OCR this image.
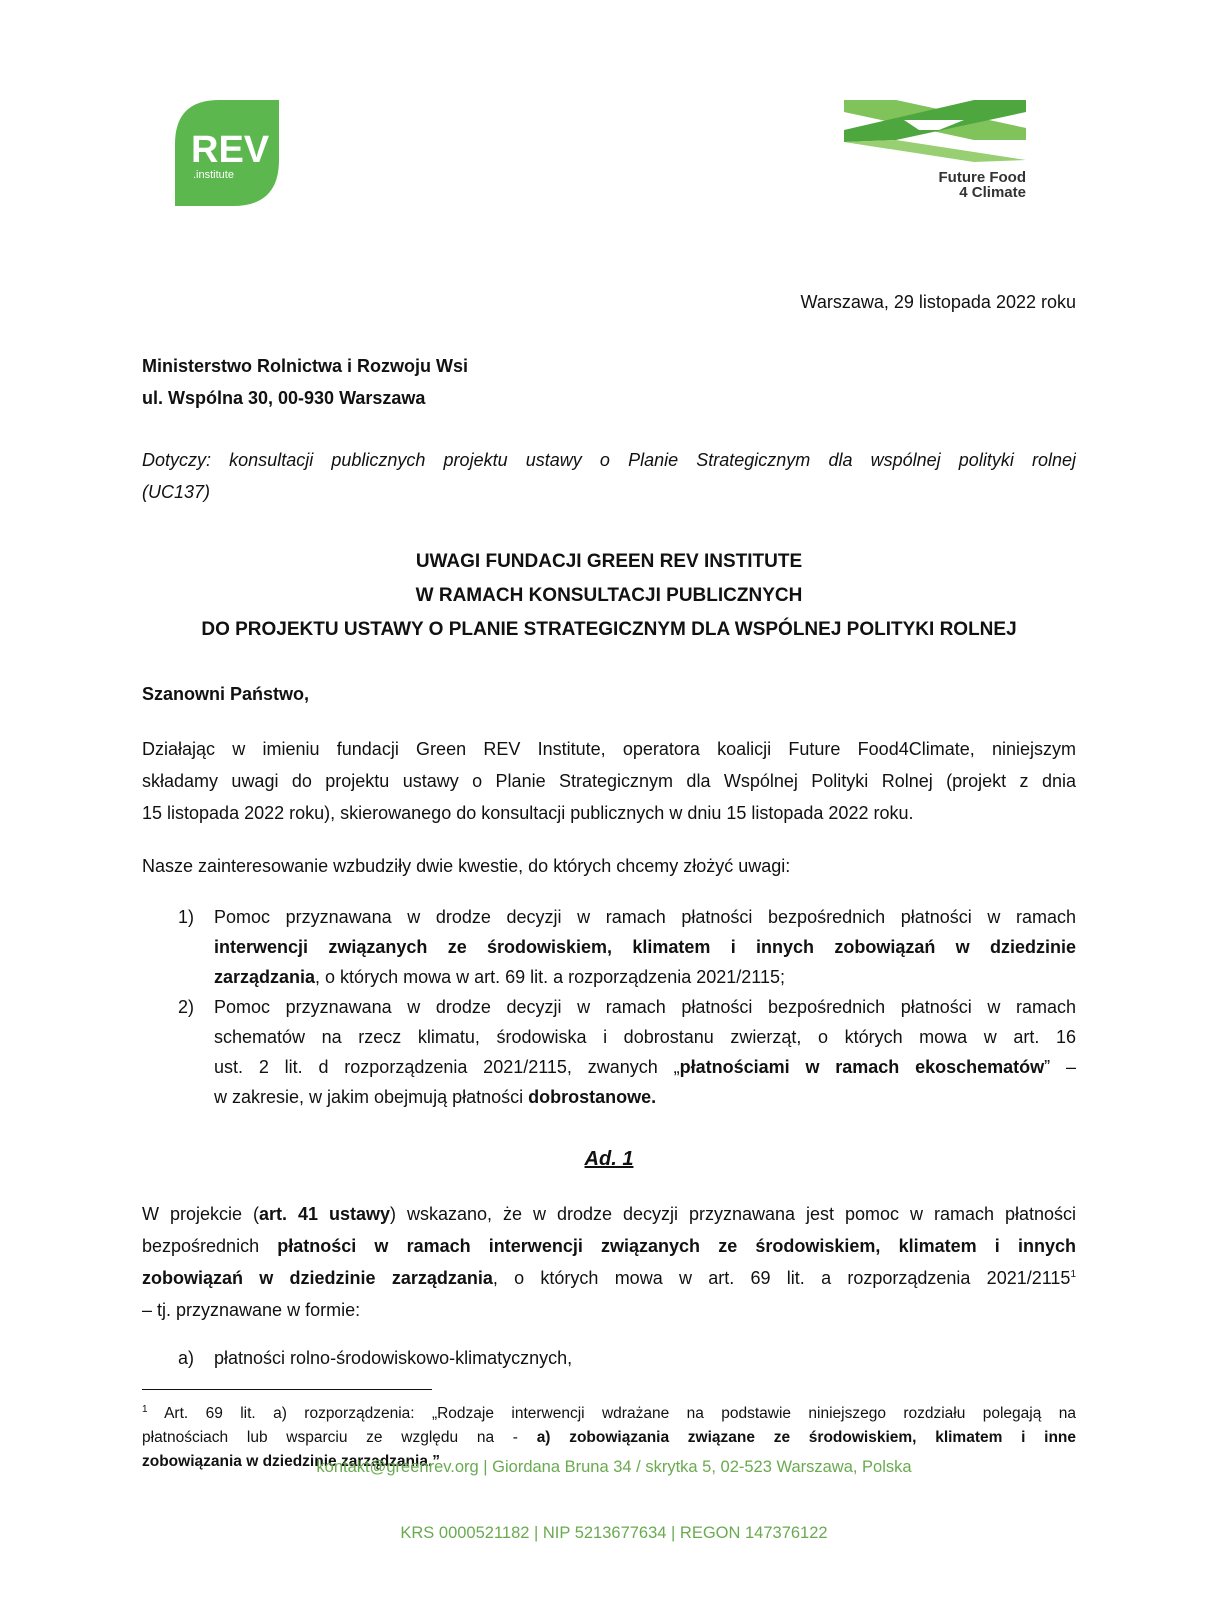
REV
.institute	Future Food
4 Climate
Warszawa, 29 listopada 2022 roku
Ministerstwo Rolnictwa i Rozwoju Wsi
ul. Wspólna 30, 00-930 Warszawa
Dotyczy: konsultacji publicznych projektu ustawy o Planie Strategicznym dla wspólnej polityki rolnej
(UC137)
UWAGI FUNDACJI GREEN REV INSTITUTE
W RAMACH KONSULTACJI PUBLICZNYCH
DO PROJEKTU USTAWY O PLANIE STRATEGICZNYM DLA WSPÓLNEJ POLITYKI ROLNEJ
Szanowni Państwo,
Działając w imieniu fundacji Green REV Institute, operatora koalicji Future Food4Climate, niniejszym
składamy uwagi do projektu ustawy o Planie Strategicznym dla Wspólnej Polityki Rolnej (projekt z dnia
15 listopada 2022 roku), skierowanego do konsultacji publicznych w dniu 15 listopada 2022 roku.
Nasze zainteresowanie wzbudziły dwie kwestie, do których chcemy złożyć uwagi:
1) Pomoc przyznawana w drodze decyzji w ramach płatności bezpośrednich płatności w ramach
interwencji związanych ze środowiskiem, klimatem i innych zobowiązań w dziedzinie
zarządzania, o których mowa w art. 69 lit. a rozporządzenia 2021/2115;
2) Pomoc przyznawana w drodze decyzji w ramach płatności bezpośrednich płatności w ramach
schematów na rzecz klimatu, środowiska i dobrostanu zwierząt, o których mowa w art. 16
ust. 2 lit. d rozporządzenia 2021/2115, zwanych „płatnościami w ramach ekoschematów” –
w zakresie, w jakim obejmują płatności dobrostanowe.
Ad. 1
W projekcie (art. 41 ustawy) wskazano, że w drodze decyzji przyznawana jest pomoc w ramach płatności
bezpośrednich płatności w ramach interwencji związanych ze środowiskiem, klimatem i innych
zobowiązań w dziedzinie zarządzania, o których mowa w art. 69 lit. a rozporządzenia 2021/2115$^1$
– tj. przyznawane w formie:
a) płatności rolno-środowiskowo-klimatycznych,
$^1$ Art. 69 lit. a) rozporządzenia: „Rodzaje interwencji wdrażane na podstawie niniejszego rozdziału polegają na
płatnościach lub wsparciu ze względu na - a) zobowiązania związane ze środowiskiem, klimatem i inne
zobowiązania w dziedzinie zarządzania.”
kontakt@greenrev.org | Giordana Bruna 34 / skrytka 5, 02-523 Warszawa, Polska
KRS 0000521182 | NIP 5213677634 | REGON 147376122
